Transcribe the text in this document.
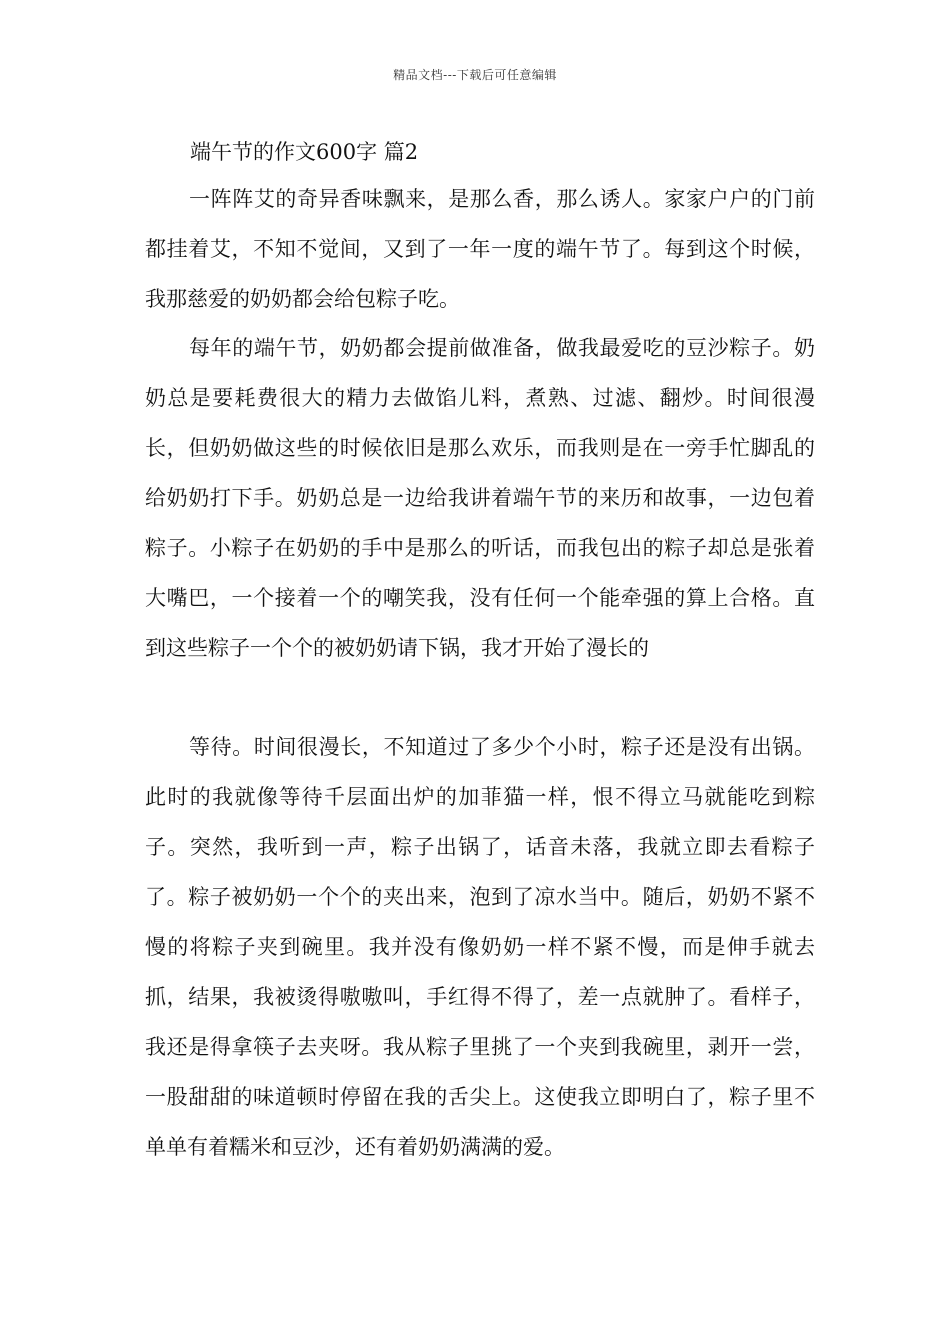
精品文档---下载后可任意编辑
端午节的作文600字 篇2

一阵阵艾的奇异香味飘来，是那么香，那么诱人。家家户户的门前都挂着艾，不知不觉间，又到了一年一度的端午节了。每到这个时候，我那慈爱的奶奶都会给包粽子吃。

每年的端午节，奶奶都会提前做准备，做我最爱吃的豆沙粽子。奶奶总是要耗费很大的精力去做馅儿料，煮熟、过滤、翻炒。时间很漫长，但奶奶做这些的时候依旧是那么欢乐，而我则是在一旁手忙脚乱的给奶奶打下手。奶奶总是一边给我讲着端午节的来历和故事，一边包着粽子。小粽子在奶奶的手中是那么的听话，而我包出的粽子却总是张着大嘴巴，一个接着一个的嘲笑我，没有任何一个能牵强的算上合格。直到这些粽子一个个的被奶奶请下锅，我才开始了漫长的

等待。时间很漫长，不知道过了多少个小时，粽子还是没有出锅。此时的我就像等待千层面出炉的加菲猫一样，恨不得立马就能吃到粽子。突然，我听到一声，粽子出锅了，话音未落，我就立即去看粽子了。粽子被奶奶一个个的夹出来，泡到了凉水当中。随后，奶奶不紧不慢的将粽子夹到碗里。我并没有像奶奶一样不紧不慢，而是伸手就去抓，结果，我被烫得嗷嗷叫，手红得不得了，差一点就肿了。看样子，我还是得拿筷子去夹呀。我从粽子里挑了一个夹到我碗里，剥开一尝，一股甜甜的味道顿时停留在我的舌尖上。这使我立即明白了，粽子里不单单有着糯米和豆沙，还有着奶奶满满的爱。
